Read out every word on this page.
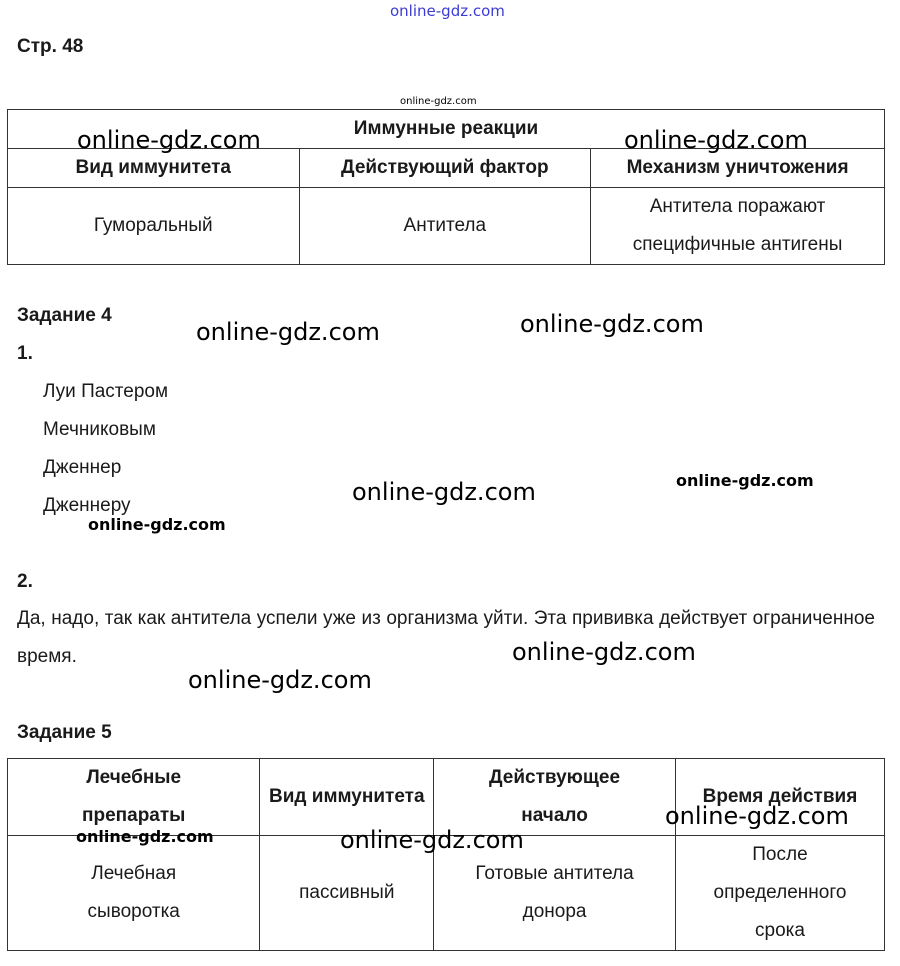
online-gdz.com
Стр. 48
online-gdz.com
Иммунные реакции		
Вид иммунитета	Действующий фактор	Механизм уничтожения
Гуморальный	Антитела	Антитела поражают специфичные антигены
online-gdz.com	online-gdz.com
Задание 4
online-gdz.com	online-gdz.com
1.
Луи Пастером
Мечниковым
Дженнер
Дженнеру	online-gdz.com	online-gdz.com
online-gdz.com
2.
Да, надо, так как антитела успели уже из организма уйти. Эта прививка действует ограниченное время.	online-gdz.com
online-gdz.com
Задание 5
Лечебные препараты	Вид иммунитета	Действующее начало	Время действия
Лечебная сыворотка	пассивный	Готовые антитела донора	После определенного срока
online-gdz.com	online-gdz.com
online-gdz.com
